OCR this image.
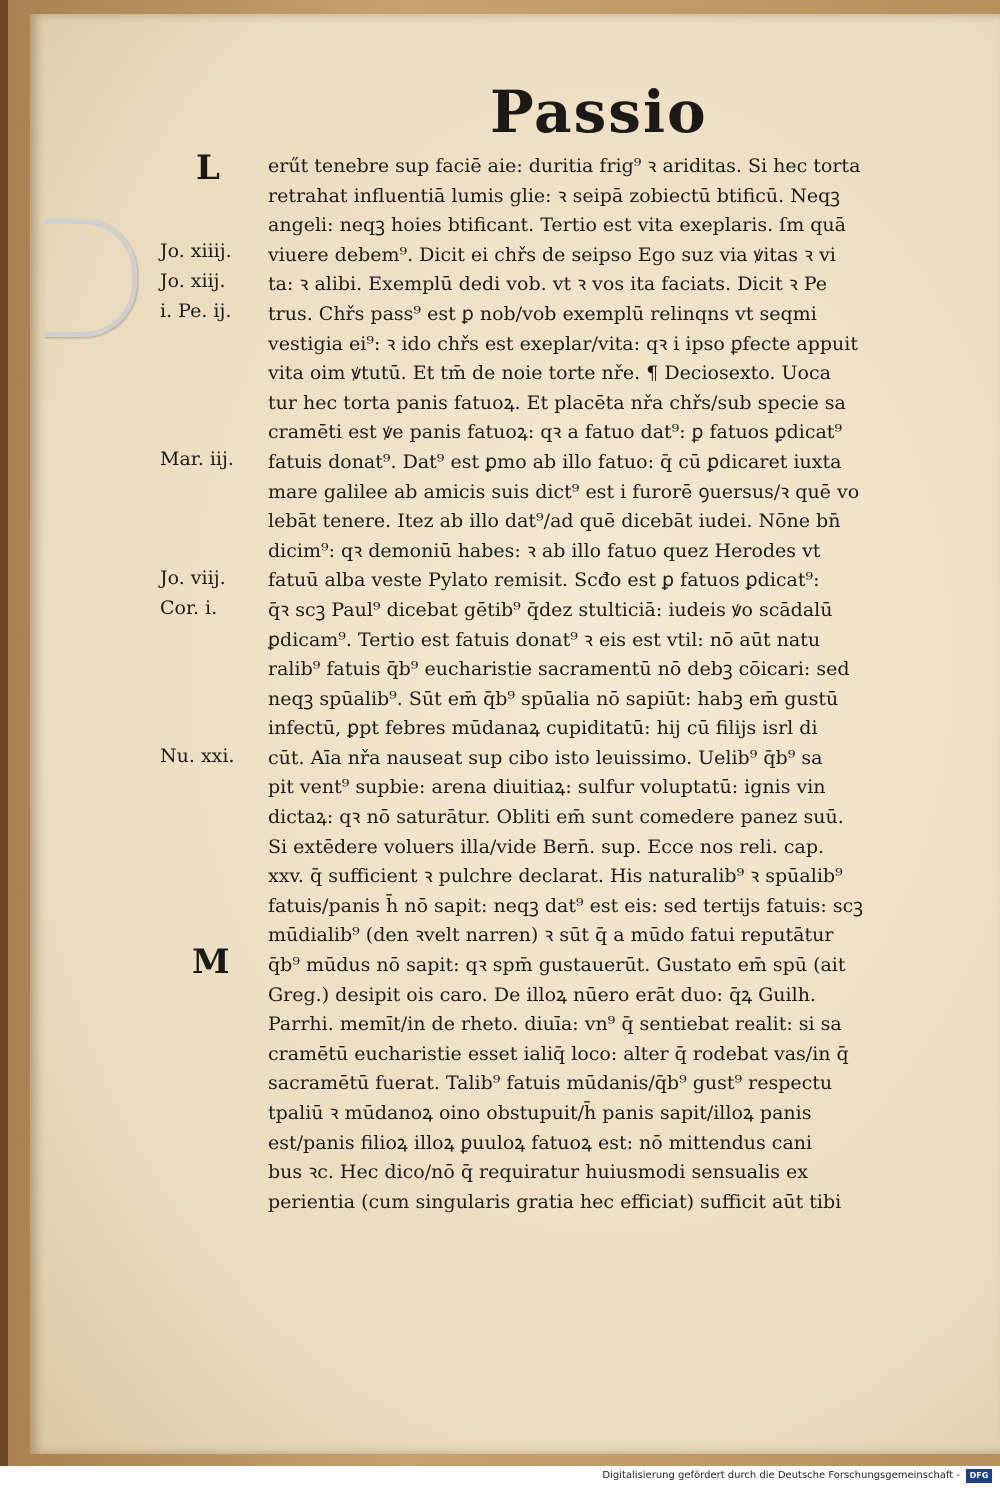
Passio
L
M
Jo. xiiij.
Jo. xiij.
i. Pe. ij.
Mar. iij.
Jo. viij.
Cor. i.
Nu. xxi.
erűt tenebre sup faciē aie: duritia frig⁹ ꝛ ariditas. Si hec torta
retrahat influentiā lumis glie: ꝛ seipā zobiectū btificū. Neqꝫ
angeli: neqꝫ hoies btificant. Tertio est vita exeplaris. ſm quā
viuere debem⁹. Dicit ei chřs de seipso Ego suz via ꝟitas ꝛ vi
ta: ꝛ alibi. Exemplū dedi vob. vt ꝛ vos ita faciats. Dicit ꝛ Pe
trus. Chřs pass⁹ est ꝑ nob/vob exemplū relinqns vt seqmi
vestigia ei⁹: ꝛ ido chřs est exeplar/vita: qꝛ i ipso ꝑfecte appuit
vita oim ꝟtutū. Et tm̄ de noie torte nře. ¶ Deciosexto. Uoca
tur hec torta panis fatuoꝝ. Et placēta nřa chřs/sub specie sa
cramēti est ꝟe panis fatuoꝝ: qꝛ a fatuo dat⁹: ꝑ fatuos ꝑdicat⁹
fatuis donat⁹. Dat⁹ est ꝑmo ab illo fatuo: q̄ cū ꝑdicaret iuxta
mare galilee ab amicis suis dict⁹ est i furorē ꝯuersus/ꝛ quē vo
lebāt tenere. Itez ab illo dat⁹/ad quē dicebāt iudei. Nōne bn̄
dicim⁹: qꝛ demoniū habes: ꝛ ab illo fatuo quez Herodes vt
fatuū alba veste Pylato remisit. Scđo est ꝑ fatuos ꝑdicat⁹:
q̄ꝛ scꝫ Paul⁹ dicebat gētib⁹ q̄dez stulticiā: iudeis ꝟo scādalū
ꝑdicam⁹. Tertio est fatuis donat⁹ ꝛ eis est vtil: nō aūt natu
ralib⁹ fatuis q̄b⁹ eucharistie sacramentū nō debꝫ cōicari: sed
neqꝫ spūalib⁹. Sūt em̄ q̄b⁹ spūalia nō sapiūt: habꝫ em̄ gustū
infectū, ꝑpt febres mūdanaꝝ cupiditatū: hij cū filijs isrl di
cūt. Aīa nřa nauseat sup cibo isto leuissimo. Uelib⁹ q̄b⁹ sa
pit vent⁹ supbie: arena diuitiaꝝ: sulfur voluptatū: ignis vin
dictaꝝ: qꝛ nō saturātur. Obliti em̄ sunt comedere panez suū.
Si extēdere voluers illa/vide Bern̄. sup. Ecce nos reli. cap.
xxv. q̄ sufficient ꝛ pulchre declarat. His naturalib⁹ ꝛ spūalib⁹
fatuis/panis h̄ nō sapit: neqꝫ dat⁹ est eis: sed tertijs fatuis: scꝫ
mūdialib⁹ (den ꝛvelt narren) ꝛ sūt q̄ a mūdo fatui reputātur
q̄b⁹ mūdus nō sapit: qꝛ spm̄ gustauerūt. Gustato em̄ spū (ait
Greg.) desipit ois caro. De illoꝝ nūero erāt duo: q̄ꝝ Guilh.
Parrhi. memīt/in de rheto. diuīa: vn⁹ q̄ sentiebat realit: si sa
cramētū eucharistie esset ialiq̄ loco: alter q̄ rodebat vas/in q̄
sacramētū fuerat. Talib⁹ fatuis mūdanis/q̄b⁹ gust⁹ respectu
tpaliū ꝛ mūdanoꝝ oino obstupuit/h̄ panis sapit/illoꝝ panis
est/panis filioꝝ illoꝝ ꝑuuloꝝ fatuoꝝ est: nō mittendus cani
bus ꝛc. Hec dico/nō q̄ requiratur huiusmodi sensualis ex
perientia (cum singularis gratia hec efficiat) sufficit aūt tibi
Digitalisierung gefördert durch die Deutsche Forschungsgemeinschaft -	DFG
